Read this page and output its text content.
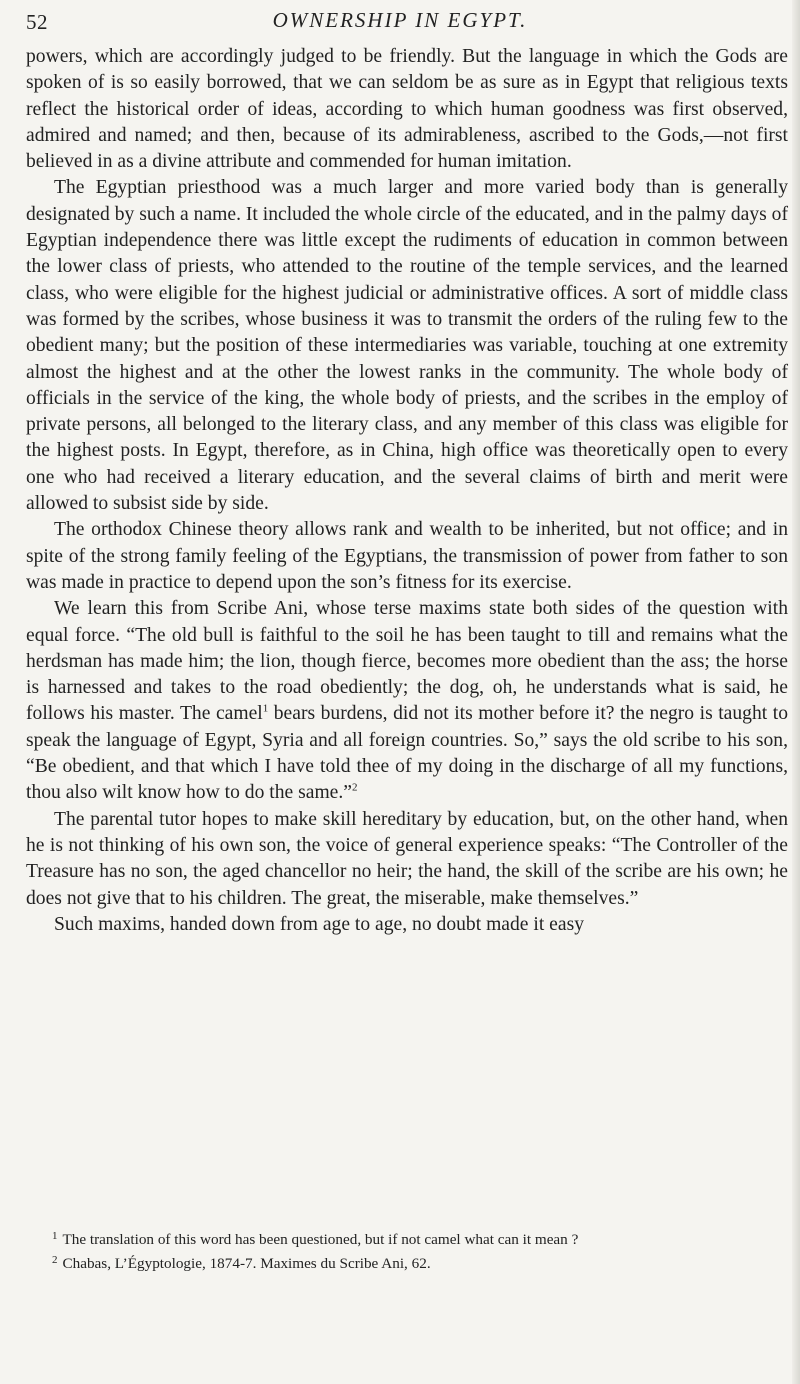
52	OWNERSHIP IN EGYPT.

powers, which are accordingly judged to be friendly. But the language in which the Gods are spoken of is so easily borrowed, that we can seldom be as sure as in Egypt that religious texts reflect the historical order of ideas, according to which human goodness was first observed, admired and named; and then, because of its admirableness, ascribed to the Gods,—not first believed in as a divine attribute and commended for human imitation.

The Egyptian priesthood was a much larger and more varied body than is generally designated by such a name. It included the whole circle of the educated, and in the palmy days of Egyptian independence there was little except the rudiments of education in common between the lower class of priests, who attended to the routine of the temple services, and the learned class, who were eligible for the highest judicial or administrative offices. A sort of middle class was formed by the scribes, whose business it was to transmit the orders of the ruling few to the obedient many; but the position of these intermediaries was variable, touching at one extremity almost the highest and at the other the lowest ranks in the community. The whole body of officials in the service of the king, the whole body of priests, and the scribes in the employ of private persons, all belonged to the literary class, and any member of this class was eligible for the highest posts. In Egypt, therefore, as in China, high office was theoretically open to every one who had received a literary education, and the several claims of birth and merit were allowed to subsist side by side.

The orthodox Chinese theory allows rank and wealth to be inherited, but not office; and in spite of the strong family feeling of the Egyptians, the transmission of power from father to son was made in practice to depend upon the son’s fitness for its exercise.

We learn this from Scribe Ani, whose terse maxims state both sides of the question with equal force. “The old bull is faithful to the soil he has been taught to till and remains what the herdsman has made him; the lion, though fierce, becomes more obedient than the ass; the horse is harnessed and takes to the road obediently; the dog, oh, he understands what is said, he follows his master. The camel$^1$ bears burdens, did not its mother before it? the negro is taught to speak the language of Egypt, Syria and all foreign countries. So,” says the old scribe to his son, “Be obedient, and that which I have told thee of my doing in the discharge of all my functions, thou also wilt know how to do the same.”$^2$

The parental tutor hopes to make skill hereditary by education, but, on the other hand, when he is not thinking of his own son, the voice of general experience speaks: “The Controller of the Treasure has no son, the aged chancellor no heir; the hand, the skill of the scribe are his own; he does not give that to his children. The great, the miserable, make themselves.”

Such maxims, handed down from age to age, no doubt made it easy

$^1$ The translation of this word has been questioned, but if not camel what can it mean ?

$^2$ Chabas, L’Égyptologie, 1874-7. Maximes du Scribe Ani, 62.
